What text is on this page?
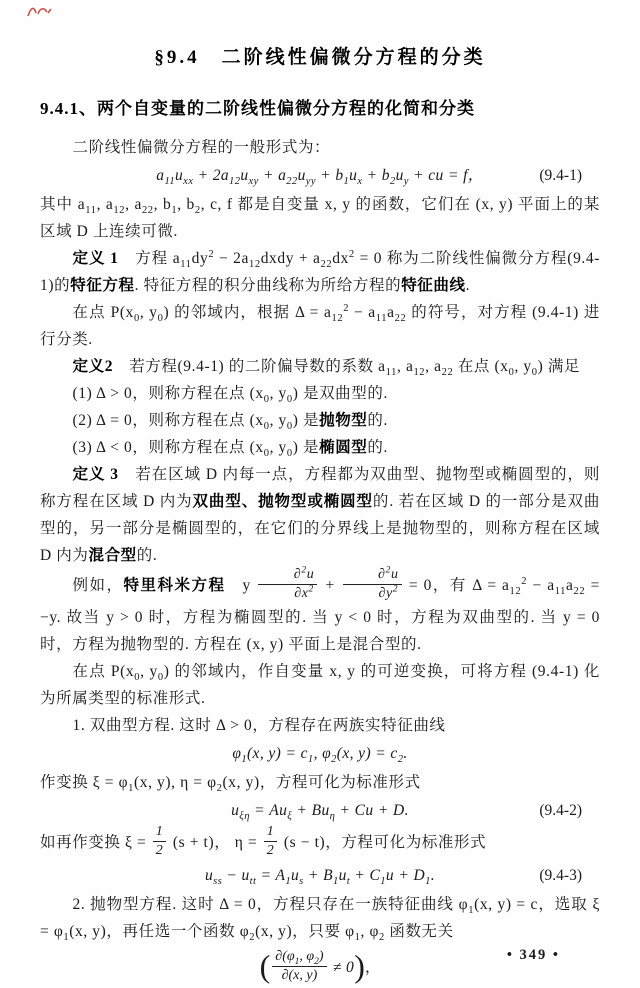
§9.4　二阶线性偏微分方程的分类
9.4.1、两个自变量的二阶线性偏微分方程的化简和分类

二阶线性偏微分方程的一般形式为：

$a_{11}u_{xx} + 2a_{12}u_{xy} + a_{22}u_{yy} + b_1u_x + b_2u_y$ + cu = f，	(9.4-1)

其中 $a_{11}$, $a_{12}$, $a_{22}$, $b_1$, $b_2$, c, f 都是自变量 x, y 的函数，它们在 (x, y) 平面上的某区域 D 上连续可微.

定义 1　方程 $a_{11}dy^2$ − $2a_{12}dxdy + a_{22}dx^2 = 0$ 称为二阶线性偏微分方程(9.4-1)的特征方程. 特征方程的积分曲线称为所给方程的特征曲线.

在点 $P(x_0$, $y_0$) 的邻域内，根据 $\Delta = a_{12}^2 - a_{11}a_{22}$ 的符号，对方程 (9.4-1) 进行分类.

定义2　若方程(9.4-1) 的二阶偏导数的系数 $a_{11}$, $a_{12}$, $a_{22}$ 在点 ($x_0$, $y_0$) 满足

(1) Δ > 0，则称方程在点 ($x_0$, $y_0$) 是双曲型的.

(2) Δ = 0，则称方程在点 ($x_0$, $y_0$) 是抛物型的.

(3) Δ < 0，则称方程在点 ($x_0$, $y_0$) 是椭圆型的.

定义 3　若在区域 D 内每一点，方程都为双曲型、抛物型或椭圆型的，则称方程在区域 D 内为双曲型、抛物型或椭圆型的. 若在区域 D 的一部分是双曲型的，另一部分是椭圆型的，在它们的分界线上是抛物型的，则称方程在区域 D 内为混合型的.

例如，特里科米方程　y $\frac{\partial^2u}{\partial x^2} + \frac{\partial^2u}{\partial y^2} = 0$，有 $\Delta = a_{12}^2 - a_{11}a_{22} = -y$. 故当 y > 0 时，方程为椭圆型的. 当 y < 0 时，方程为双曲型的. 当 y = 0 时，方程为抛物型的. 方程在 (x, y) 平面上是混合型的.

在点 $P(x_0$, $y_0$) 的邻域内，作自变量 x, y 的可逆变换，可将方程 (9.4-1) 化为所属类型的标准形式.

1. 双曲型方程. 这时 Δ > 0，方程存在两族实特征曲线

$\varphi_1(x$, $y) = c_1$, $\varphi_2(x$, $y) = c_2$.

作变换 $\xi = \varphi_1(x$, y), $\eta = \varphi_2(x$, y)，方程可化为标准形式

$u_{\xi\eta} = Au_\xi + Bu_\eta + Cu + D$.	(9.4-2)

如再作变换 $\xi = \frac{1}{2} (s + t)$， $\eta = \frac{1}{2} (s - t)$，方程可化为标准形式

$u_{ss} - u_{tt} = A_1u_s + B_1u_t + C_1u + D_1$.	(9.4-3)

2. 抛物型方程. 这时 Δ = 0，方程只存在一族特征曲线 $\varphi_1(x$, y) = c，选取 $\xi = \varphi_1(x$, y)，再任选一个函数 $\varphi_2(x$, y)，只要 $\varphi_1$, $\varphi_2$ 函数无关

( $\frac{\partial(\varphi_1, \varphi_2)}{\partial(x, y)} \ne 0$)，
• 349 •
